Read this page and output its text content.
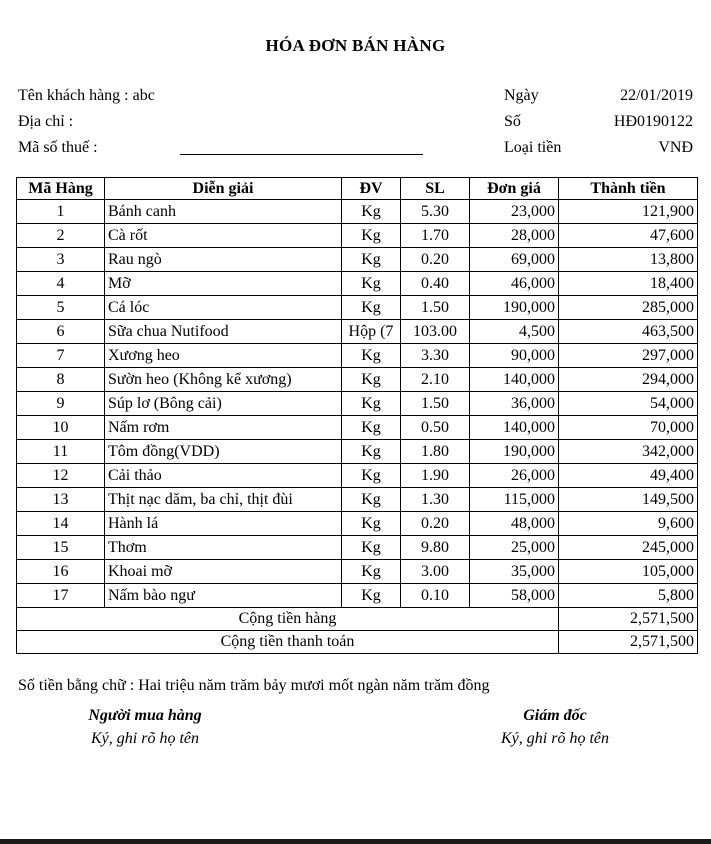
HÓA ĐƠN BÁN HÀNG
Tên khách hàng : abc
Địa chỉ :
Mã số thuế :
Ngày	22/01/2019
Số	HĐ0190122
Loại tiền	VNĐ
Mã Hàng	Diễn giải	ĐV	SL	Đơn giá	Thành tiền
1	Bánh canh	Kg	5.30	23,000	121,900
2	Cà rốt	Kg	1.70	28,000	47,600
3	Rau ngò	Kg	0.20	69,000	13,800
4	Mỡ	Kg	0.40	46,000	18,400
5	Cá lóc	Kg	1.50	190,000	285,000
6	Sữa chua Nutifood	Hộp (7	103.00	4,500	463,500
7	Xương heo	Kg	3.30	90,000	297,000
8	Sườn heo (Không kể xương)	Kg	2.10	140,000	294,000
9	Súp lơ (Bông cải)	Kg	1.50	36,000	54,000
10	Nấm rơm	Kg	0.50	140,000	70,000
11	Tôm đồng(VDD)	Kg	1.80	190,000	342,000
12	Cải thảo	Kg	1.90	26,000	49,400
13	Thịt nạc dăm, ba chỉ, thịt đùi	Kg	1.30	115,000	149,500
14	Hành lá	Kg	0.20	48,000	9,600
15	Thơm	Kg	9.80	25,000	245,000
16	Khoai mỡ	Kg	3.00	35,000	105,000
17	Nấm bào ngư	Kg	0.10	58,000	5,800
Cộng tiền hàng					2,571,500
Cộng tiền thanh toán					2,571,500
Số tiền bằng chữ : Hai triệu năm trăm bảy mươi mốt ngàn năm trăm đồng
Người mua hàng
Ký, ghi rõ họ tên
Giám đốc
Ký, ghi rõ họ tên
